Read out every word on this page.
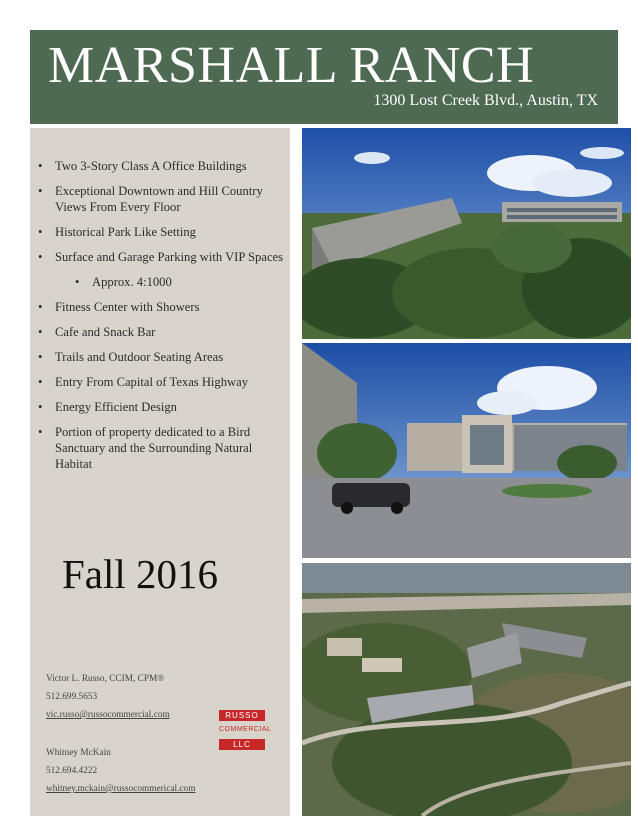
MARSHALL RANCH
1300 Lost Creek Blvd., Austin, TX
• Two 3-Story Class A Office Buildings
• Exceptional Downtown and Hill Country Views From Every Floor
• Historical Park Like Setting
• Surface and Garage Parking with VIP Spaces
• Approx. 4:1000
• Fitness Center with Showers
• Cafe and Snack Bar
• Trails and Outdoor Seating Areas
• Entry From Capital of Texas Highway
• Energy Efficient Design
• Portion of property dedicated to a Bird Sanctuary and the Surrounding Natural Habitat
Fall 2016
Victor L. Russo, CCIM, CPM®
512.699.5653
vic.russo@russocommercial.com
Whitney McKain
512.694.4222
whitney.mckain@russocommerical.com
RUSSO
COMMERCIAL
LLC
